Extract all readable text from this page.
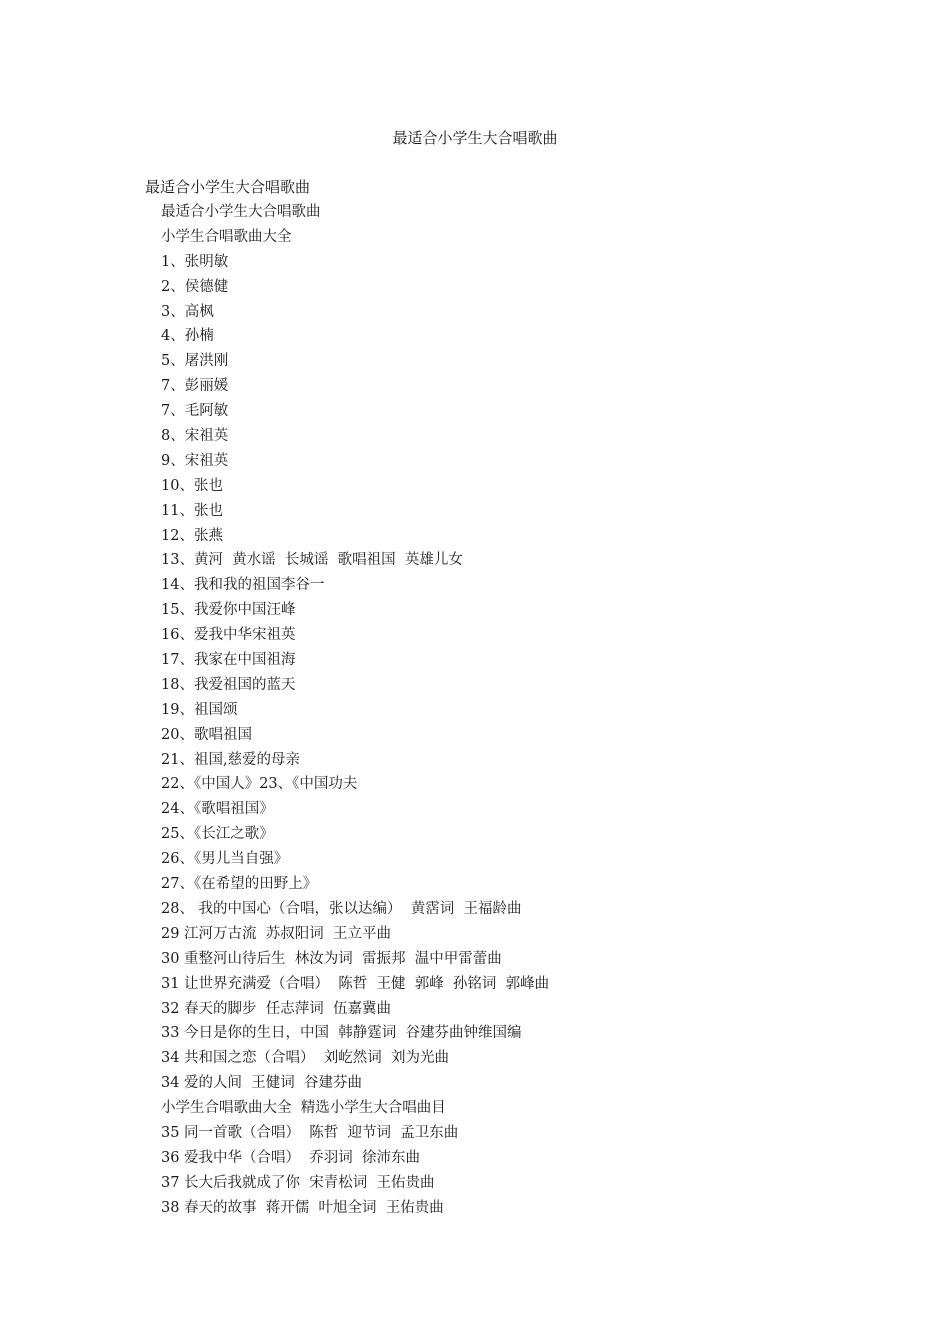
最适合小学生大合唱歌曲
最适合小学生大合唱歌曲
最适合小学生大合唱歌曲
小学生合唱歌曲大全
1、张明敏
2、侯德健
3、高枫
4、孙楠
5、屠洪刚
7、彭丽媛
7、毛阿敏
8、宋祖英
9、宋祖英
10、张也
11、张也
12、张燕
13、黄河  黄水谣  长城谣  歌唱祖国  英雄儿女
14、我和我的祖国李谷一
15、我爱你中国汪峰
16、爱我中华宋祖英
17、我家在中国祖海
18、我爱祖国的蓝天
19、祖国颂
20、歌唱祖国
21、祖国,慈爱的母亲
22、《中国人》23、《中国功夫
24、《歌唱祖国》
25、《长江之歌》
26、《男儿当自强》
27、《在希望的田野上》
28、 我的中国心（合唱，张以达编）  黄霑词  王福龄曲
29 江河万古流  苏叔阳词  王立平曲
30 重整河山待后生  林汝为词  雷振邦  温中甲雷蕾曲
31 让世界充满爱（合唱）  陈哲  王健  郭峰  孙铭词  郭峰曲
32 春天的脚步  任志萍词  伍嘉冀曲
33 今日是你的生日，中国  韩静霆词  谷建芬曲钟维国编
34 共和国之恋（合唱）  刘屹然词  刘为光曲
34 爱的人间  王健词  谷建芬曲
小学生合唱歌曲大全  精选小学生大合唱曲目
35 同一首歌（合唱）  陈哲  迎节词  孟卫东曲
36 爱我中华（合唱）  乔羽词  徐沛东曲
37 长大后我就成了你  宋青松词  王佑贵曲
38 春天的故事  蒋开儒  叶旭全词  王佑贵曲
